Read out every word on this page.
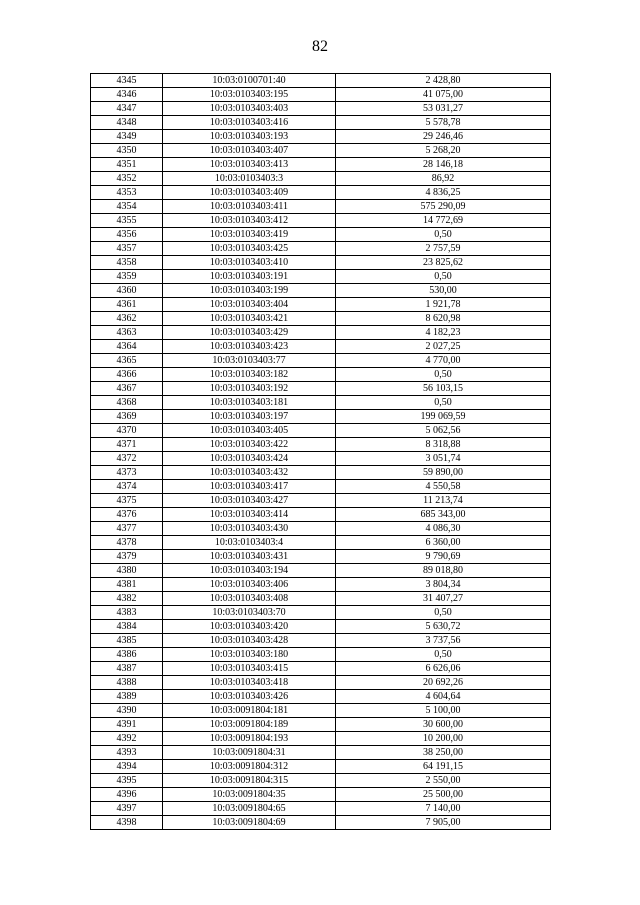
82
4345	10:03:0100701:40	2 428,80
4346	10:03:0103403:195	41 075,00
4347	10:03:0103403:403	53 031,27
4348	10:03:0103403:416	5 578,78
4349	10:03:0103403:193	29 246,46
4350	10:03:0103403:407	5 268,20
4351	10:03:0103403:413	28 146,18
4352	10:03:0103403:3	86,92
4353	10:03:0103403:409	4 836,25
4354	10:03:0103403:411	575 290,09
4355	10:03:0103403:412	14 772,69
4356	10:03:0103403:419	0,50
4357	10:03:0103403:425	2 757,59
4358	10:03:0103403:410	23 825,62
4359	10:03:0103403:191	0,50
4360	10:03:0103403:199	530,00
4361	10:03:0103403:404	1 921,78
4362	10:03:0103403:421	8 620,98
4363	10:03:0103403:429	4 182,23
4364	10:03:0103403:423	2 027,25
4365	10:03:0103403:77	4 770,00
4366	10:03:0103403:182	0,50
4367	10:03:0103403:192	56 103,15
4368	10:03:0103403:181	0,50
4369	10:03:0103403:197	199 069,59
4370	10:03:0103403:405	5 062,56
4371	10:03:0103403:422	8 318,88
4372	10:03:0103403:424	3 051,74
4373	10:03:0103403:432	59 890,00
4374	10:03:0103403:417	4 550,58
4375	10:03:0103403:427	11 213,74
4376	10:03:0103403:414	685 343,00
4377	10:03:0103403:430	4 086,30
4378	10:03:0103403:4	6 360,00
4379	10:03:0103403:431	9 790,69
4380	10:03:0103403:194	89 018,80
4381	10:03:0103403:406	3 804,34
4382	10:03:0103403:408	31 407,27
4383	10:03:0103403:70	0,50
4384	10:03:0103403:420	5 630,72
4385	10:03:0103403:428	3 737,56
4386	10:03:0103403:180	0,50
4387	10:03:0103403:415	6 626,06
4388	10:03:0103403:418	20 692,26
4389	10:03:0103403:426	4 604,64
4390	10:03:0091804:181	5 100,00
4391	10:03:0091804:189	30 600,00
4392	10:03:0091804:193	10 200,00
4393	10:03:0091804:31	38 250,00
4394	10:03:0091804:312	64 191,15
4395	10:03:0091804:315	2 550,00
4396	10:03:0091804:35	25 500,00
4397	10:03:0091804:65	7 140,00
4398	10:03:0091804:69	7 905,00
